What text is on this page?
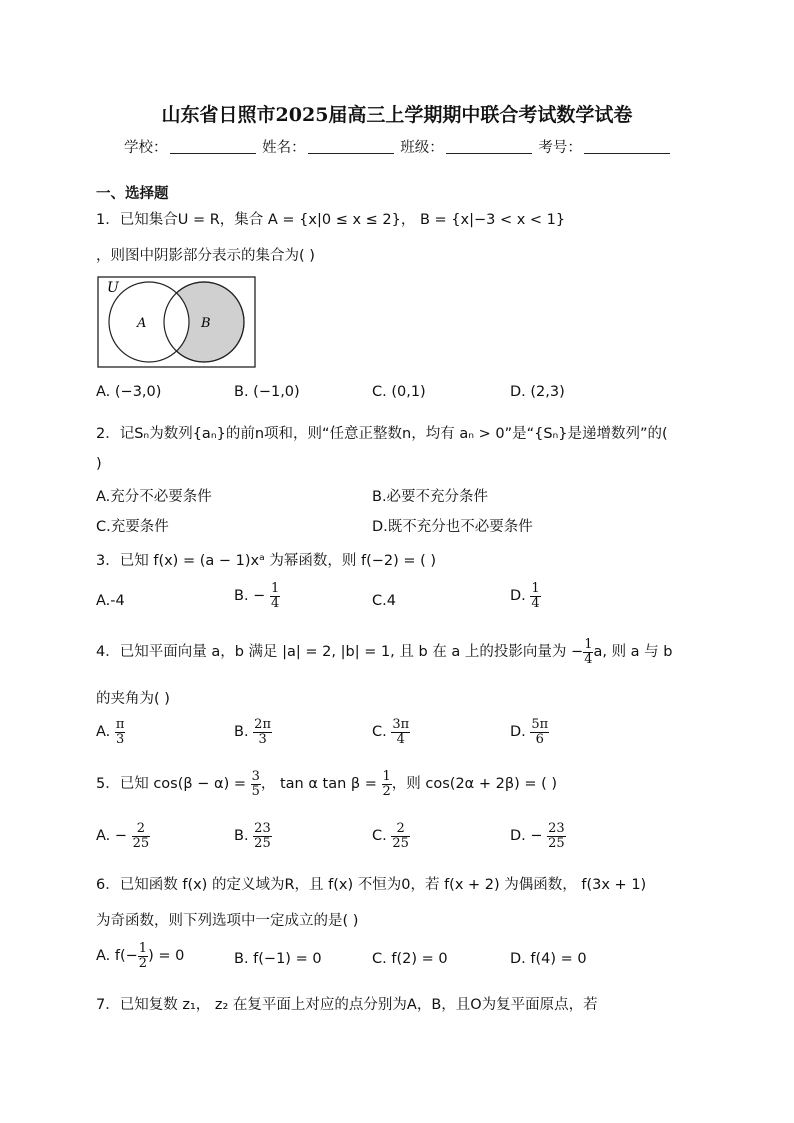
山东省日照市2025届高三上学期期中联合考试数学试卷
学校：	姓名：	班级：	考号：
一、选择题
1．已知集合U = R，集合 A = {x|0 ≤ x ≤ 2}， B = {x|−3 < x < 1}
，则图中阴影部分表示的集合为( )
U
A	B
A. (−3,0)	B. (−1,0)	C. (0,1)	D. (2,3)
2．记Sₙ为数列{aₙ}的前n项和，则“任意正整数n，均有 aₙ > 0”是“{Sₙ}是递增数列”的(
)
A.充分不必要条件	B.必要不充分条件
C.充要条件	D.既不充分也不必要条件
3．已知 f(x) = (a − 1)xᵃ 为幂函数，则 f(−2) = ( )
A.-4	B. − $\frac{1}{4}$	C.4	D. $\frac{1}{4}$
4．已知平面向量 a，b 满足 |a| = 2, |b| = 1, 且 b 在 a 上的投影向量为 − $\frac{1}{4} a$, 则 a 与 b
的夹角为( )
A. $\frac{\pi}{3}$	B. $\frac{2\pi}{3}$	C. $\frac{3\pi}{4}$	D. $\frac{5\pi}{6}$
5．已知 $\cos(\beta - \alpha) = \frac{3}{5}$ ， tan α $\tan \beta = \frac{1}{2}$ ，则 cos(2α + 2β) = ( )
A. − $\frac{2}{25}$	B. $\frac{23}{25}$	C. $\frac{2}{25}$	D. − $\frac{23}{25}$
6．已知函数 f(x) 的定义域为R，且 f(x) 不恒为0，若 f(x + 2) 为偶函数， f(3x + 1)
为奇函数，则下列选项中一定成立的是( )
A. $f(- \frac{1}{2}$ ) = 0	B. f(−1) = 0	C. f(2) = 0	D. f(4) = 0
7．已知复数 z₁， z₂ 在复平面上对应的点分别为A，B，且O为复平面原点，若
